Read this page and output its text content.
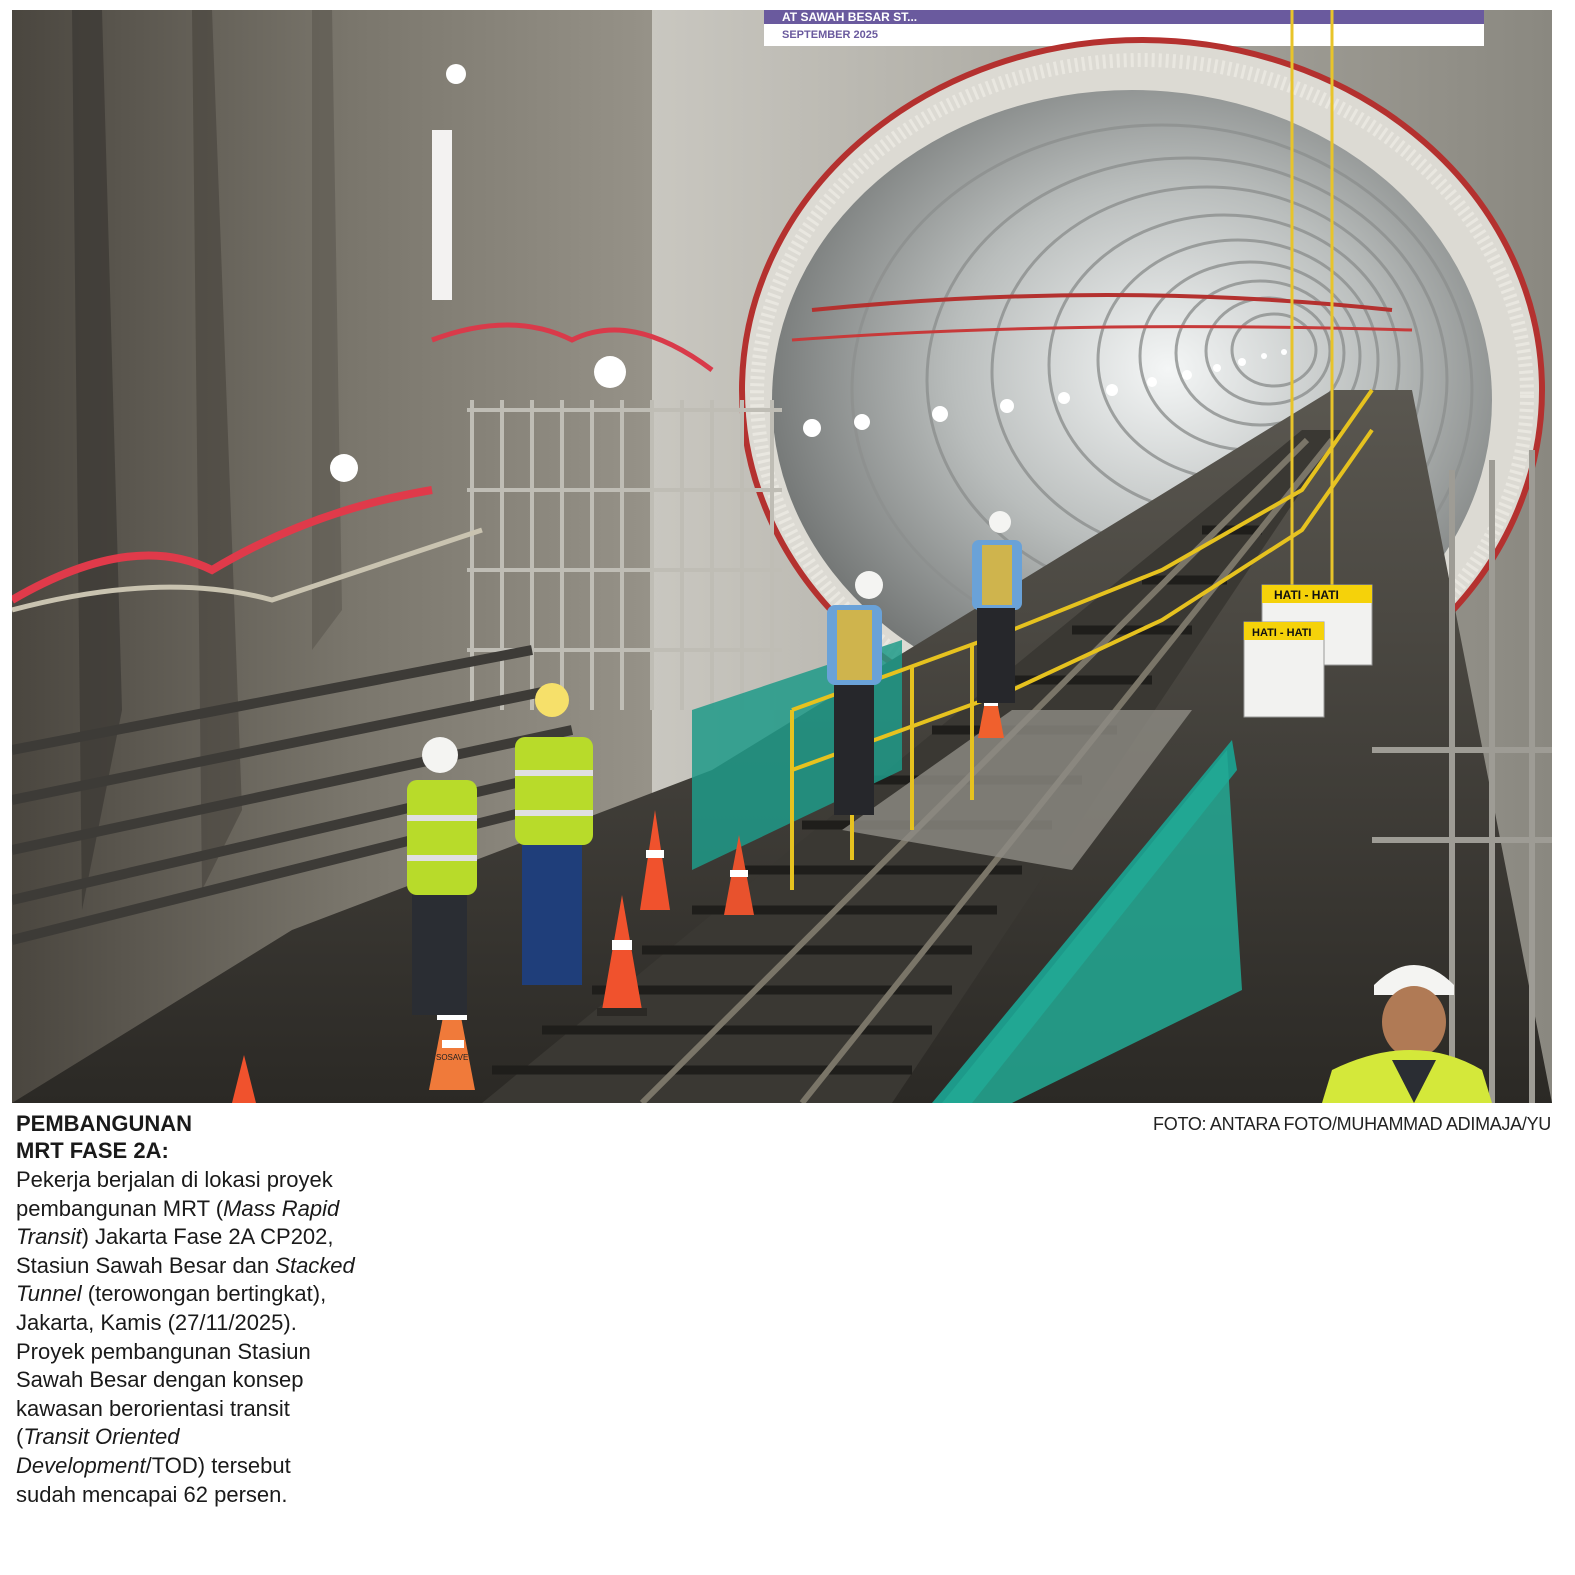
AT SAWAH BESAR ST...
SEPTEMBER 2025
HATI - HATI
HATI - HATI
SOSAVE
PEMBANGUNAN
MRT FASE 2A:
Pekerja berjalan di lokasi proyek pembangunan MRT (Mass Rapid Transit) Jakarta Fase 2A CP202, Stasiun Sawah Besar dan Stacked Tunnel (terowongan bertingkat), Jakarta, Kamis (27/11/2025). Proyek pembangunan Stasiun Sawah Besar dengan konsep kawasan berorientasi transit (Transit Oriented Development/TOD) tersebut sudah mencapai 62 persen.
FOTO: ANTARA FOTO/MUHAMMAD ADIMAJA/YU
